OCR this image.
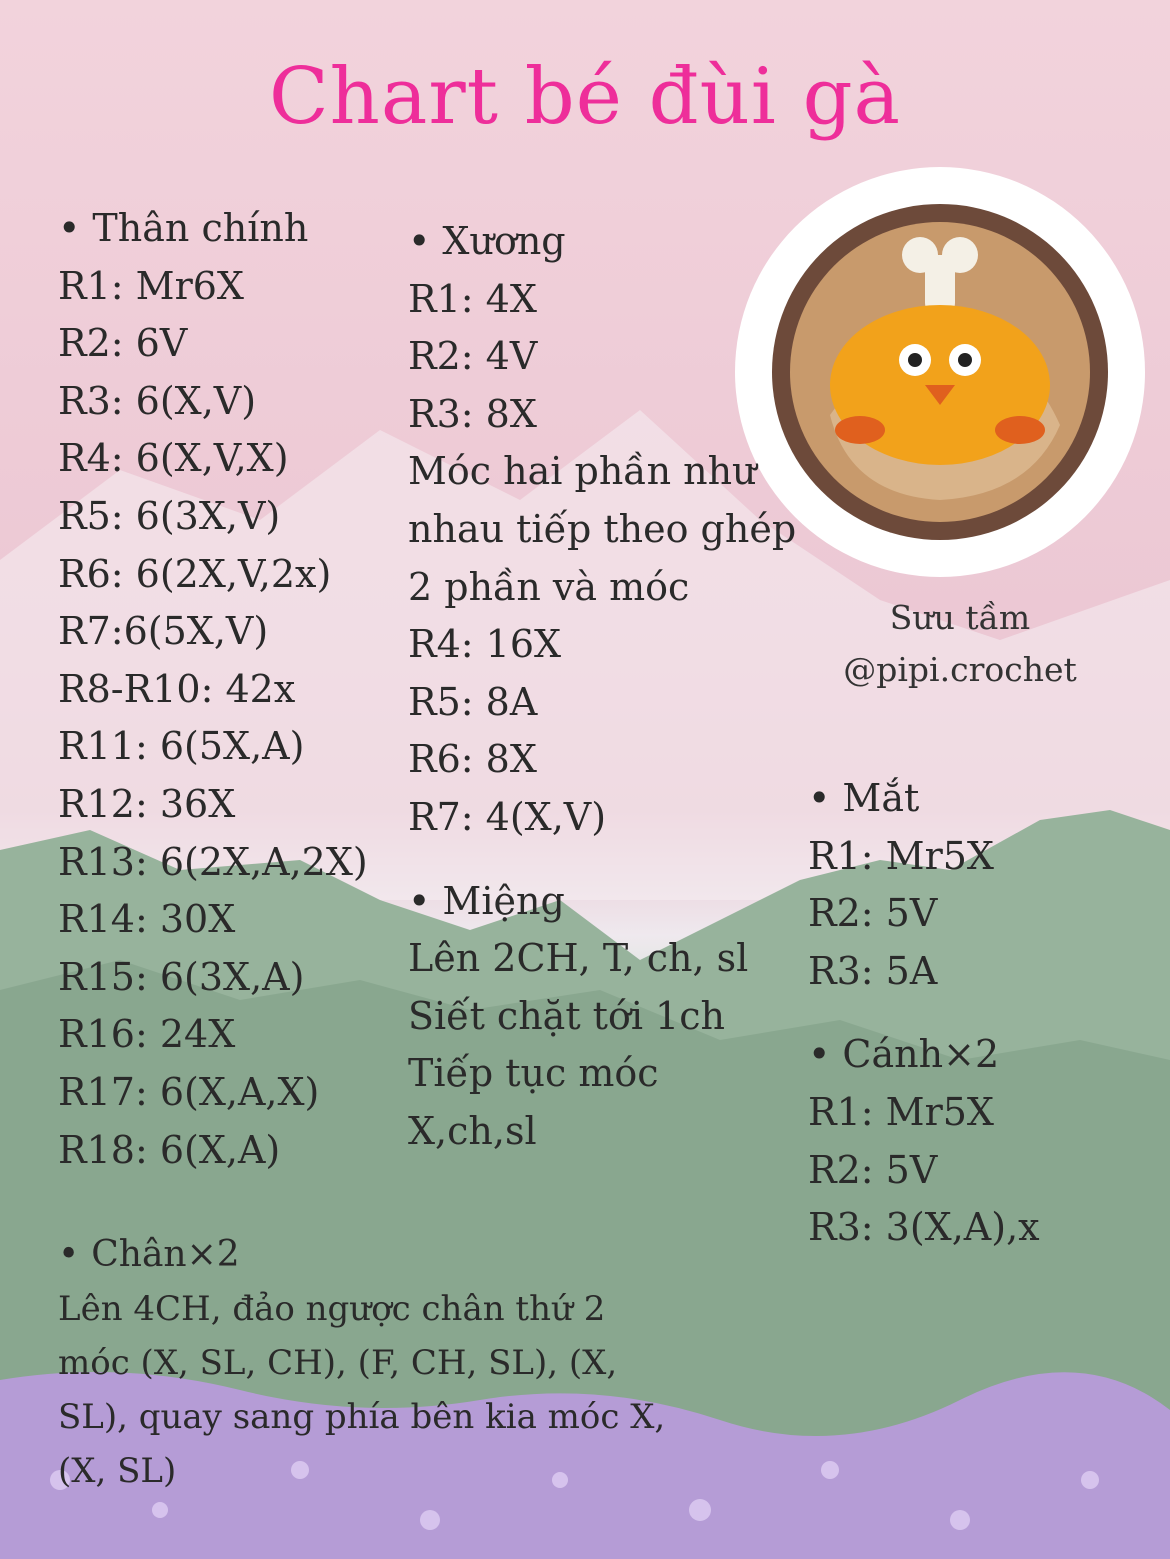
Chart bé đùi gà
Sưu tầm
@pipi.crochet
• Thân chính
R1: Mr6X
R2: 6V
R3: 6(X,V)
R4: 6(X,V,X)
R5: 6(3X,V)
R6: 6(2X,V,2x)
R7:6(5X,V)
R8-R10: 42x
R11: 6(5X,A)
R12: 36X
R13: 6(2X,A,2X)
R14: 30X
R15: 6(3X,A)
R16: 24X
R17: 6(X,A,X)
R18: 6(X,A)
• Xương
R1: 4X
R2: 4V
R3: 8X
Móc hai phần như
nhau tiếp theo ghép
2 phần và móc
R4: 16X
R5: 8A
R6: 8X
R7: 4(X,V)
• Miệng
Lên 2CH, T, ch, sl
Siết chặt tới 1ch
Tiếp tục móc
X,ch,sl
• Mắt
R1: Mr5X
R2: 5V
R3: 5A
• Cánh×2
R1: Mr5X
R2: 5V
R3: 3(X,A),x
• Chân×2
Lên 4CH, đảo ngược chân thứ 2
móc (X, SL, CH), (F, CH, SL), (X,
SL), quay sang phía bên kia móc X,
(X, SL)
